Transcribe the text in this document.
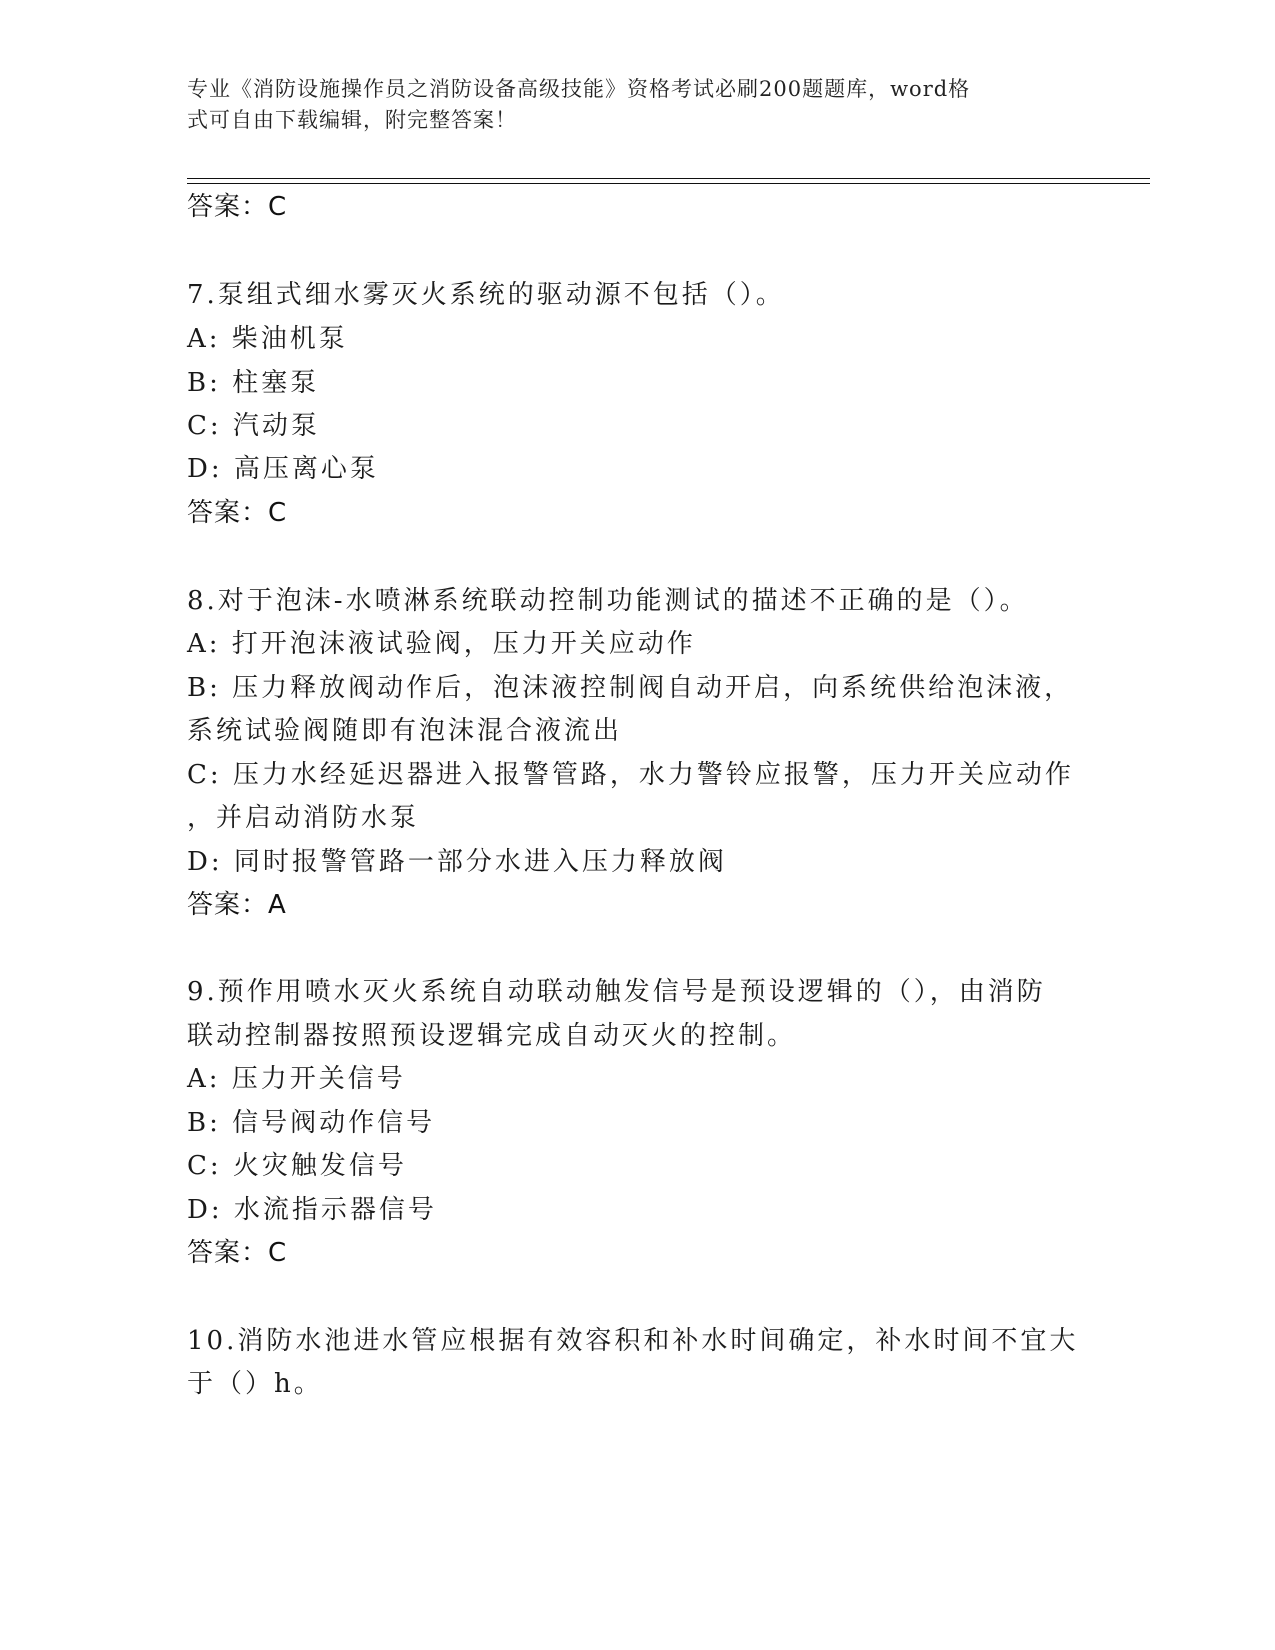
专业《消防设施操作员之消防设备高级技能》资格考试必刷200题题库，word格
式可自由下载编辑，附完整答案！
答案：C
7.泵组式细水雾灭火系统的驱动源不包括（）。
A: 柴油机泵
B: 柱塞泵
C: 汽动泵
D: 高压离心泵
答案：C
8.对于泡沫-水喷淋系统联动控制功能测试的描述不正确的是（）。
A: 打开泡沫液试验阀，压力开关应动作
B: 压力释放阀动作后，泡沫液控制阀自动开启，向系统供给泡沫液，
系统试验阀随即有泡沫混合液流出
C: 压力水经延迟器进入报警管路，水力警铃应报警，压力开关应动作
，并启动消防水泵
D: 同时报警管路一部分水进入压力释放阀
答案：A
9.预作用喷水灭火系统自动联动触发信号是预设逻辑的（），由消防
联动控制器按照预设逻辑完成自动灭火的控制。
A: 压力开关信号
B: 信号阀动作信号
C: 火灾触发信号
D: 水流指示器信号
答案：C
10.消防水池进水管应根据有效容积和补水时间确定，补水时间不宜大
于（）h。
